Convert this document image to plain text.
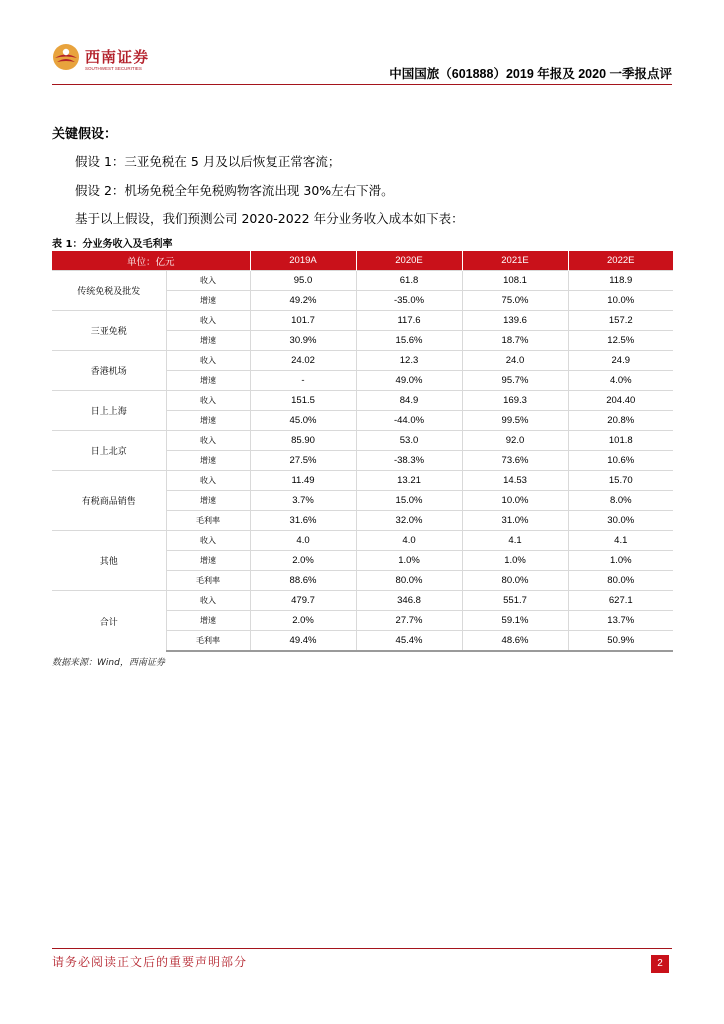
西南证券
SOUTHWEST SECURITIES	中国国旅（601888）2019 年报及 2020 一季报点评
关键假设：
假设 1：三亚免税在 5 月及以后恢复正常客流；
假设 2：机场免税全年免税购物客流出现 30%左右下滑。
基于以上假设，我们预测公司 2020-2022 年分业务收入成本如下表：
表 1：分业务收入及毛利率
单位：亿元		2019A	2020E	2021E	2022E
传统免税及批发	收入	95.0	61.8	108.1	118.9
	增速	49.2%	-35.0%	75.0%	10.0%
三亚免税	收入	101.7	117.6	139.6	157.2
	增速	30.9%	15.6%	18.7%	12.5%
香港机场	收入	24.02	12.3	24.0	24.9
	增速	-	49.0%	95.7%	4.0%
日上上海	收入	151.5	84.9	169.3	204.40
	增速	45.0%	-44.0%	99.5%	20.8%
日上北京	收入	85.90	53.0	92.0	101.8
	增速	27.5%	-38.3%	73.6%	10.6%
有税商品销售	收入	11.49	13.21	14.53	15.70
	增速	3.7%	15.0%	10.0%	8.0%
	毛利率	31.6%	32.0%	31.0%	30.0%
其他	收入	4.0	4.0	4.1	4.1
	增速	2.0%	1.0%	1.0%	1.0%
	毛利率	88.6%	80.0%	80.0%	80.0%
合计	收入	479.7	346.8	551.7	627.1
	增速	2.0%	27.7%	59.1%	13.7%
	毛利率	49.4%	45.4%	48.6%	50.9%
数据来源：Wind，西南证券
请务必阅读正文后的重要声明部分	2
